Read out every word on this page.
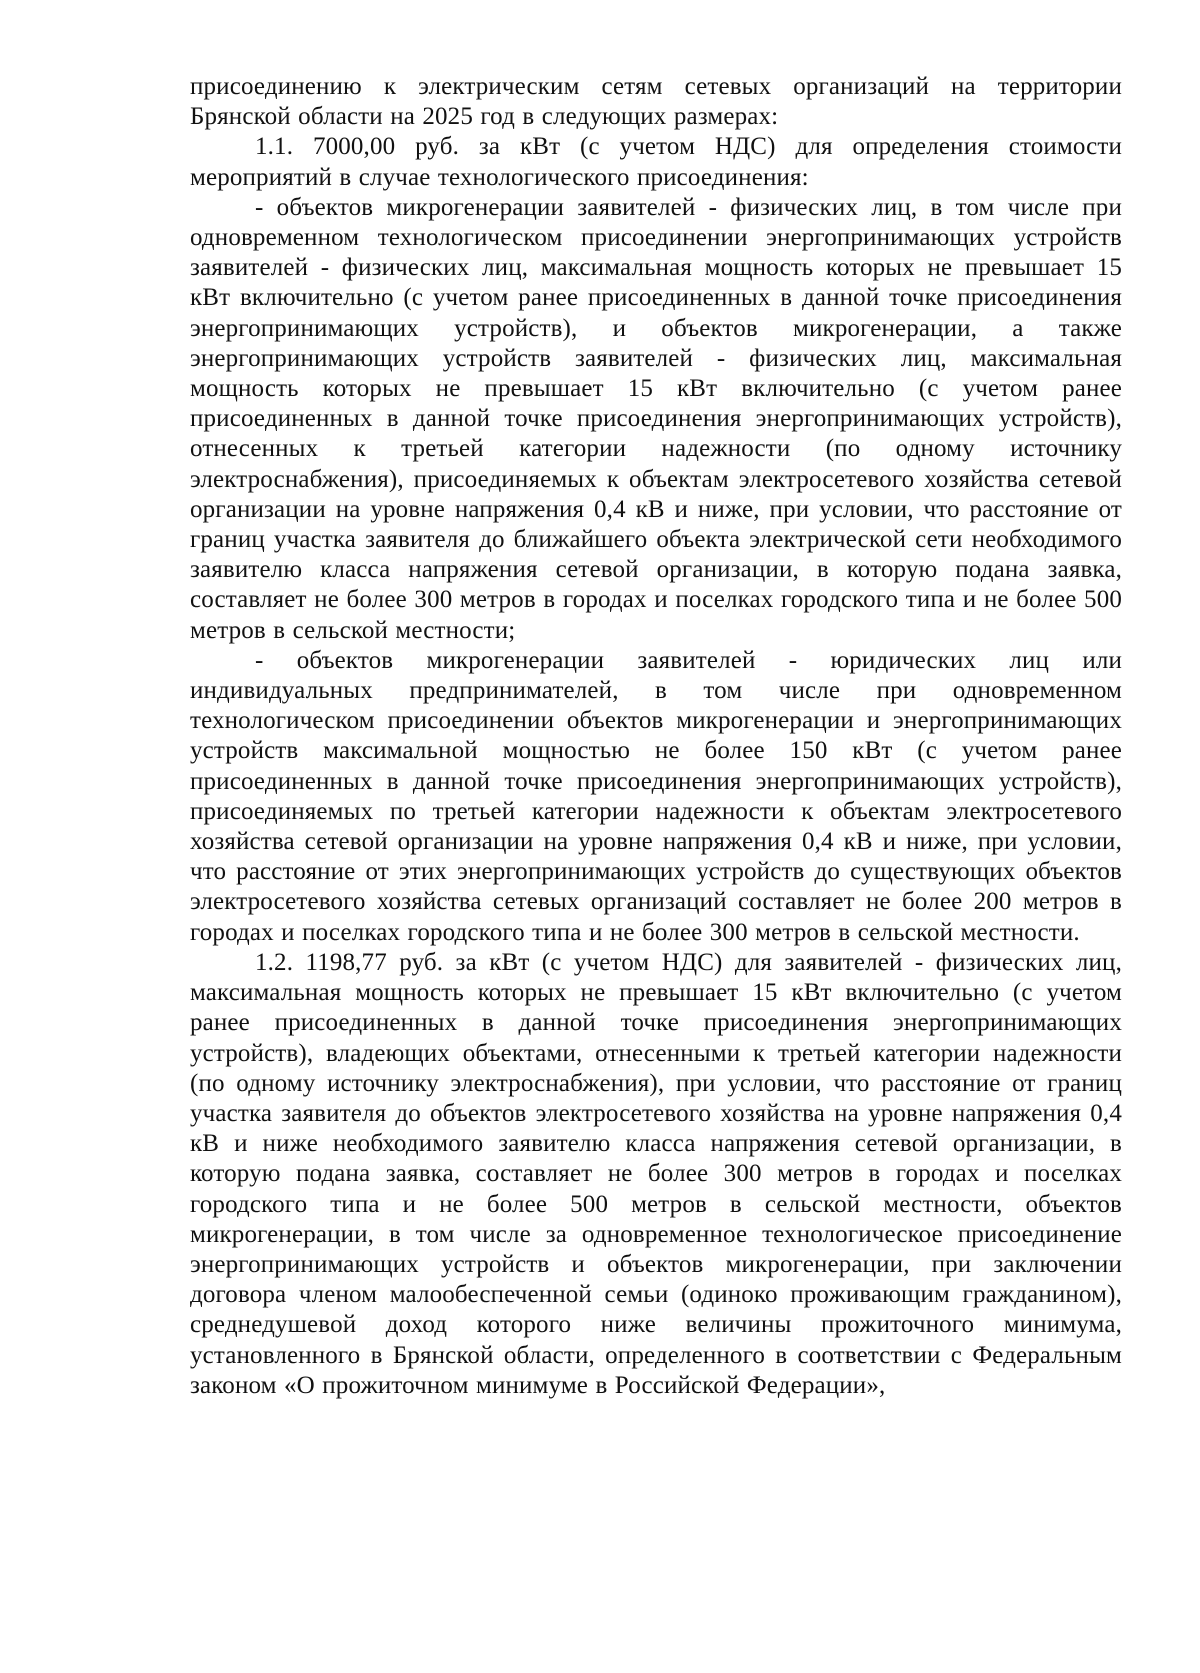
присоединению к электрическим сетям сетевых организаций на территории Брянской области на 2025 год в следующих размерах:

1.1. 7000,00 руб. за кВт (с учетом НДС) для определения стоимости мероприятий в случае технологического присоединения:

- объектов микрогенерации заявителей - физических лиц, в том числе при одновременном технологическом присоединении энергопринимающих устройств заявителей - физических лиц, максимальная мощность которых не превышает 15 кВт включительно (с учетом ранее присоединенных в данной точке присоединения энергопринимающих устройств), и объектов микрогенерации, а также энергопринимающих устройств заявителей - физических лиц, максимальная мощность которых не превышает 15 кВт включительно (с учетом ранее присоединенных в данной точке присоединения энергопринимающих устройств), отнесенных к третьей категории надежности (по одному источнику электроснабжения), присоединяемых к объектам электросетевого хозяйства сетевой организации на уровне напряжения 0,4 кВ и ниже, при условии, что расстояние от границ участка заявителя до ближайшего объекта электрической сети необходимого заявителю класса напряжения сетевой организации, в которую подана заявка, составляет не более 300 метров в городах и поселках городского типа и не более 500 метров в сельской местности;

- объектов микрогенерации заявителей - юридических лиц или индивидуальных предпринимателей, в том числе при одновременном технологическом присоединении объектов микрогенерации и энергопринимающих устройств максимальной мощностью не более 150 кВт (с учетом ранее присоединенных в данной точке присоединения энергопринимающих устройств), присоединяемых по третьей категории надежности к объектам электросетевого хозяйства сетевой организации на уровне напряжения 0,4 кВ и ниже, при условии, что расстояние от этих энергопринимающих устройств до существующих объектов электросетевого хозяйства сетевых организаций составляет не более 200 метров в городах и поселках городского типа и не более 300 метров в сельской местности.

1.2. 1198,77 руб. за кВт (с учетом НДС) для заявителей - физических лиц, максимальная мощность которых не превышает 15 кВт включительно (с учетом ранее присоединенных в данной точке присоединения энергопринимающих устройств), владеющих объектами, отнесенными к третьей категории надежности (по одному источнику электроснабжения), при условии, что расстояние от границ участка заявителя до объектов электросетевого хозяйства на уровне напряжения 0,4 кВ и ниже необходимого заявителю класса напряжения сетевой организации, в которую подана заявка, составляет не более 300 метров в городах и поселках городского типа и не более 500 метров в сельской местности, объектов микрогенерации, в том числе за одновременное технологическое присоединение энергопринимающих устройств и объектов микрогенерации, при заключении договора членом малообеспеченной семьи (одиноко проживающим гражданином), среднедушевой доход которого ниже величины прожиточного минимума, установленного в Брянской области, определенного в соответствии с Федеральным законом «О прожиточном минимуме в Российской Федерации»,
